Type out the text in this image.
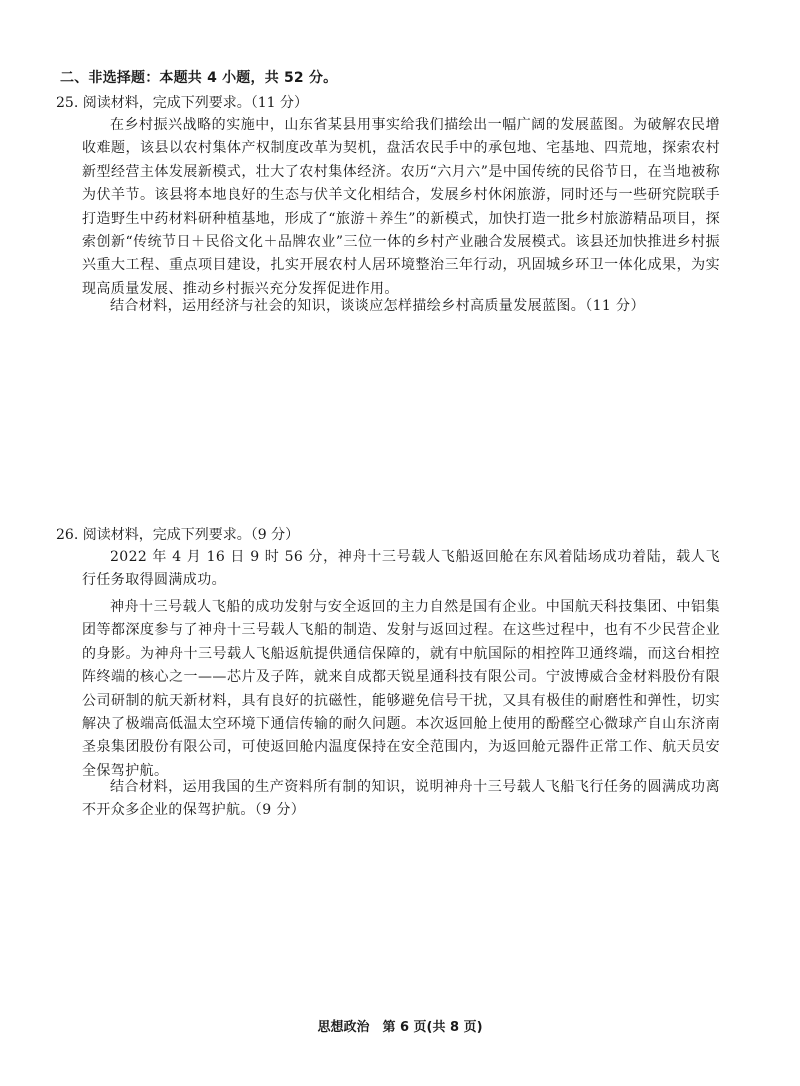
二、非选择题：本题共 4 小题，共 52 分。
25. 阅读材料，完成下列要求。（11 分）

在乡村振兴战略的实施中，山东省某县用事实给我们描绘出一幅广阔的发展蓝图。为破解农民增收难题，该县以农村集体产权制度改革为契机，盘活农民手中的承包地、宅基地、四荒地，探索农村新型经营主体发展新模式，壮大了农村集体经济。农历“六月六”是中国传统的民俗节日，在当地被称为伏羊节。该县将本地良好的生态与伏羊文化相结合，发展乡村休闲旅游，同时还与一些研究院联手打造野生中药材料研种植基地，形成了“旅游＋养生”的新模式，加快打造一批乡村旅游精品项目，探索创新“传统节日＋民俗文化＋品牌农业”三位一体的乡村产业融合发展模式。该县还加快推进乡村振兴重大工程、重点项目建设，扎实开展农村人居环境整治三年行动，巩固城乡环卫一体化成果，为实现高质量发展、推动乡村振兴充分发挥促进作用。

结合材料，运用经济与社会的知识，谈谈应怎样描绘乡村高质量发展蓝图。（11 分）

26. 阅读材料，完成下列要求。（9 分）

2022 年 4 月 16 日 9 时 56 分，神舟十三号载人飞船返回舱在东风着陆场成功着陆，载人飞行任务取得圆满成功。

神舟十三号载人飞船的成功发射与安全返回的主力自然是国有企业。中国航天科技集团、中铝集团等都深度参与了神舟十三号载人飞船的制造、发射与返回过程。在这些过程中，也有不少民营企业的身影。为神舟十三号载人飞船返航提供通信保障的，就有中航国际的相控阵卫通终端，而这台相控阵终端的核心之一——芯片及子阵，就来自成都天锐星通科技有限公司。宁波博威合金材料股份有限公司研制的航天新材料，具有良好的抗磁性，能够避免信号干扰，又具有极佳的耐磨性和弹性，切实解决了极端高低温太空环境下通信传输的耐久问题。本次返回舱上使用的酚醛空心微球产自山东济南圣泉集团股份有限公司，可使返回舱内温度保持在安全范围内，为返回舱元器件正常工作、航天员安全保驾护航。

结合材料，运用我国的生产资料所有制的知识，说明神舟十三号载人飞船飞行任务的圆满成功离不开众多企业的保驾护航。（9 分）

思想政治　第 6 页(共 8 页)
